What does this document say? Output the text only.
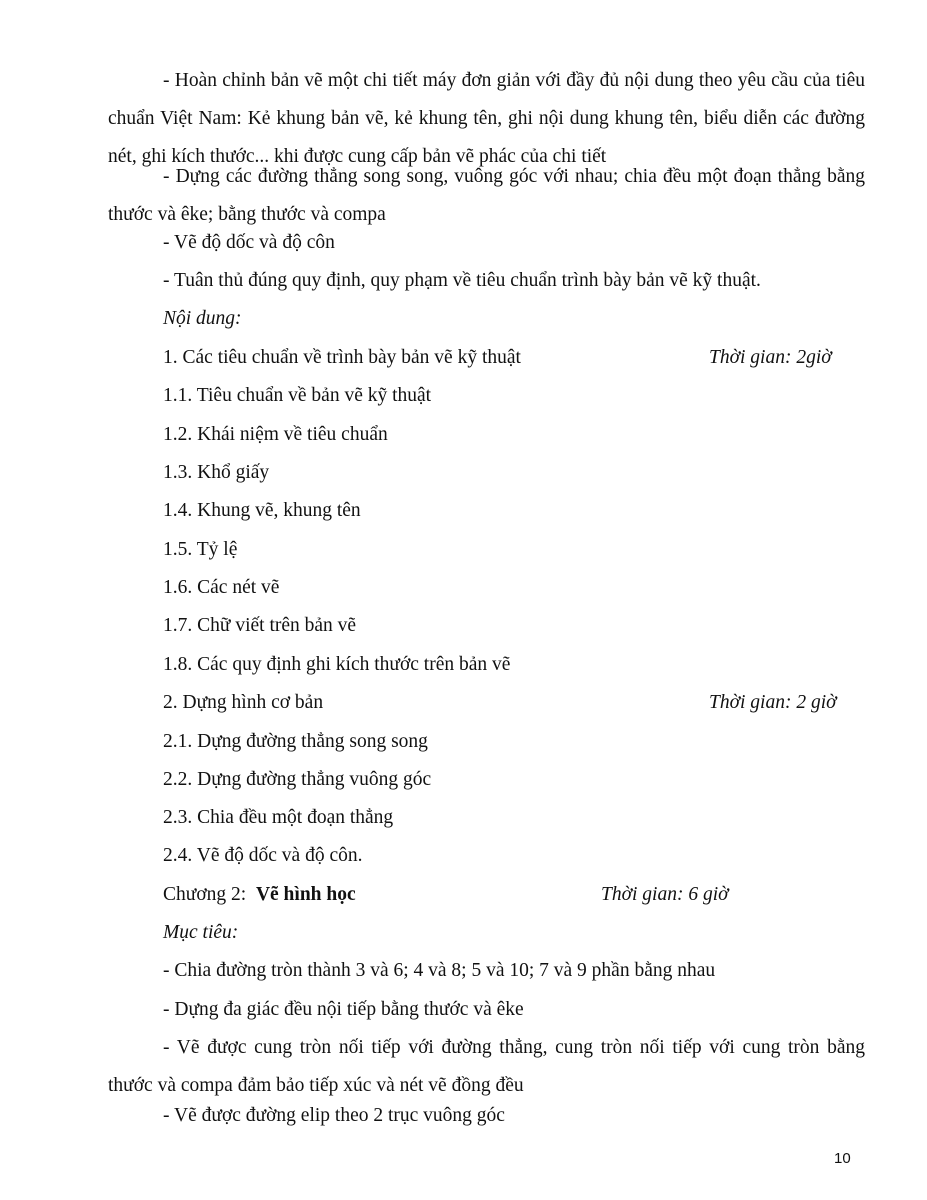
- Hoàn chỉnh bản vẽ một chi tiết máy đơn giản với đầy đủ nội dung theo yêu cầu của tiêu chuẩn Việt Nam: Kẻ khung bản vẽ, kẻ khung tên, ghi nội dung khung tên, biểu diễn các đường nét, ghi kích thước... khi được cung cấp bản vẽ phác của chi tiết
- Dựng các đường thẳng song song, vuông góc với nhau; chia đều một đoạn thẳng bằng thước và êke; bằng thước và compa
- Vẽ độ dốc và độ côn
- Tuân thủ đúng quy định, quy phạm về tiêu chuẩn trình bày bản vẽ kỹ thuật.
Nội dung:
1. Các tiêu chuẩn về trình bày bản vẽ kỹ thuật	Thời gian: 2giờ
1.1. Tiêu chuẩn về bản vẽ kỹ thuật
1.2. Khái niệm về tiêu chuẩn
1.3. Khổ giấy
1.4. Khung vẽ, khung tên
1.5. Tỷ lệ
1.6. Các nét vẽ
1.7. Chữ viết trên bản vẽ
1.8. Các quy định ghi kích thước trên bản vẽ
2. Dựng hình cơ bản	Thời gian: 2 giờ
2.1. Dựng đường thẳng song song
2.2. Dựng đường thẳng vuông góc
2.3. Chia đều một đoạn thẳng
2.4. Vẽ độ dốc và độ côn.
Chương 2: Vẽ hình học	Thời gian: 6 giờ
Mục tiêu:
- Chia đường tròn thành 3 và 6; 4 và 8; 5 và 10; 7 và 9 phần bằng nhau
- Dựng đa giác đều nội tiếp bằng thước và êke
- Vẽ được cung tròn nối tiếp với đường thẳng, cung tròn nối tiếp với cung tròn bằng thước và compa đảm bảo tiếp xúc và nét vẽ đồng đều
- Vẽ được đường elip theo 2 trục vuông góc
10
